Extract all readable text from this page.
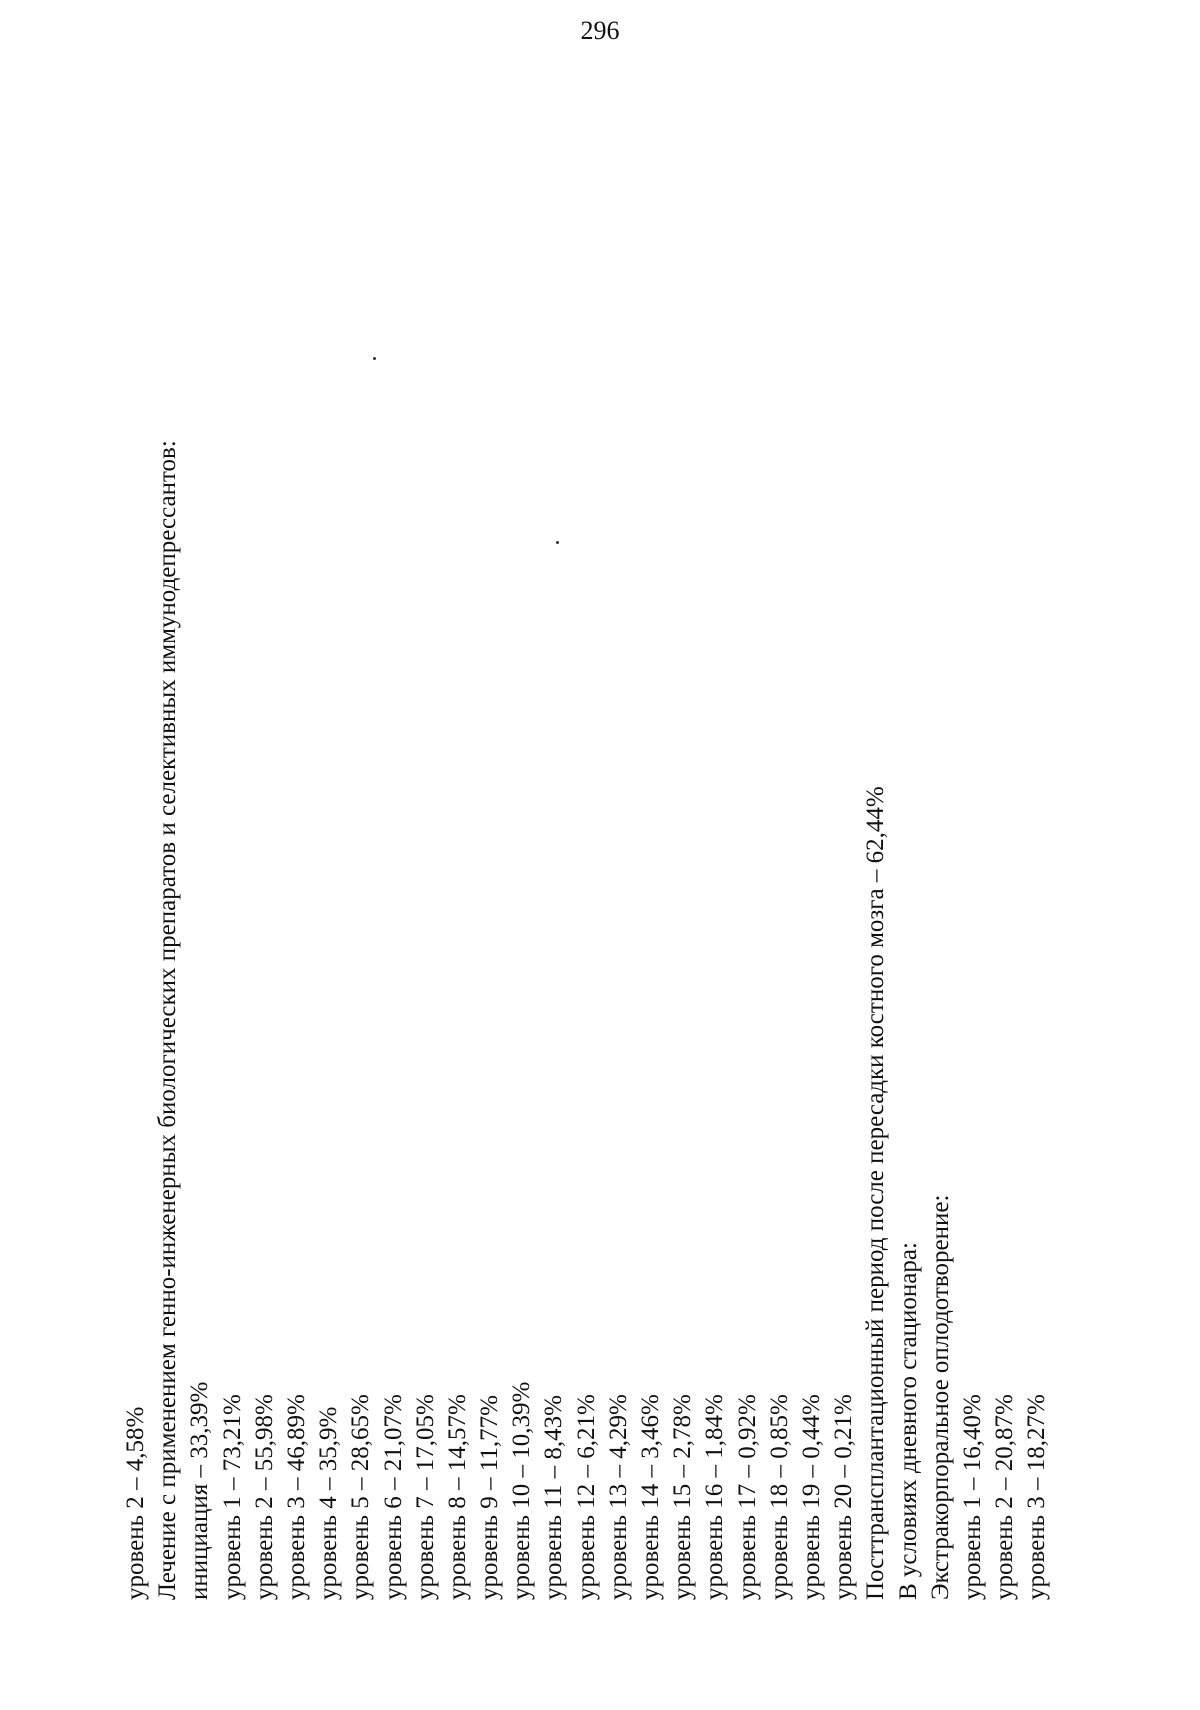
296
уровень 2 – 4,58% Лечение с применением генно-инженерных биологических препаратов и селективных иммунодепрессантов: инициация – 33,39% уровень 1 – 73,21% уровень 2 – 55,98% уровень 3 – 46,89% уровень 4 – 35,9% уровень 5 – 28,65% уровень 6 – 21,07% уровень 7 – 17,05% уровень 8 – 14,57% уровень 9 – 11,77% уровень 10 – 10,39% уровень 11 – 8,43% уровень 12 – 6,21% уровень 13 – 4,29% уровень 14 – 3,46% уровень 15 – 2,78% уровень 16 – 1,84% уровень 17 – 0,92% уровень 18 – 0,85% уровень 19 – 0,44% уровень 20 – 0,21% Посттрансплантационный период после пересадки костного мозга – 62,44% В условиях дневного стационара: Экстракорпоральное оплодотворение: уровень 1 – 16,40% уровень 2 – 20,87% уровень 3 – 18,27%
